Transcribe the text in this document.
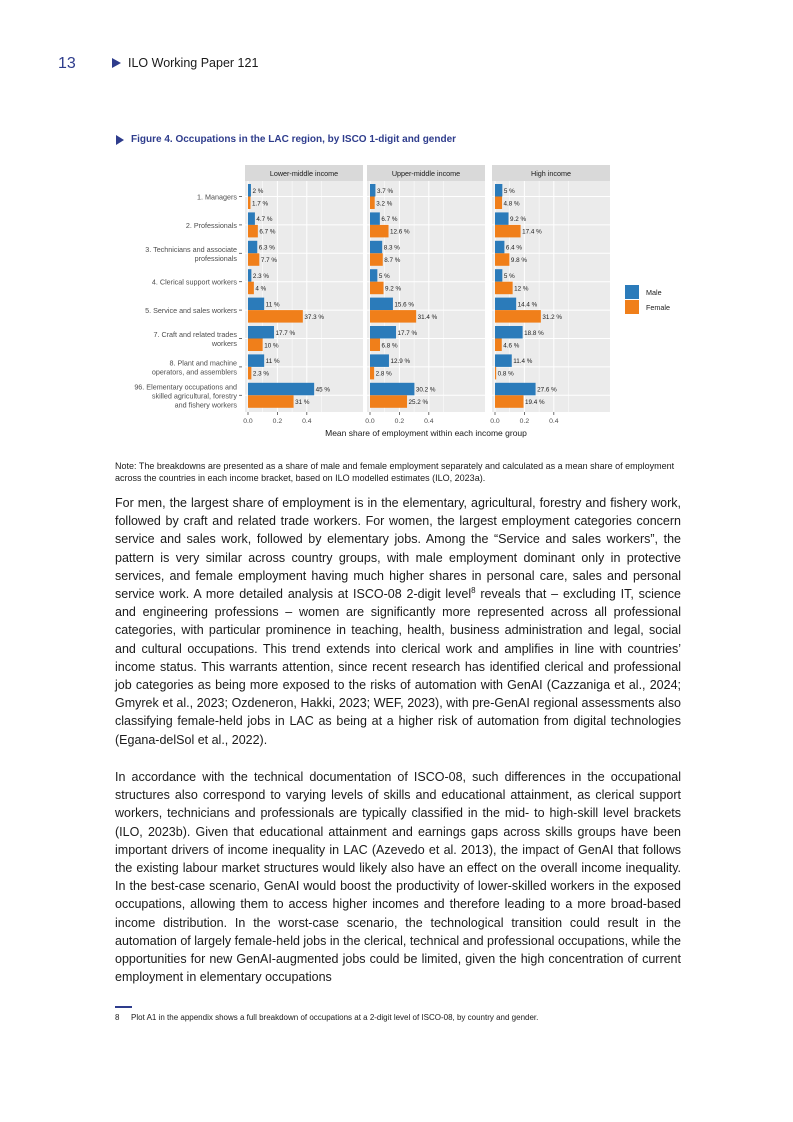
13	ILO Working Paper 121
Figure 4. Occupations in the LAC region, by ISCO 1-digit and gender
1. Managers
2. Professionals
3. Technicians and associate
professionals
4. Clerical support workers
5. Service and sales workers
7. Craft and related trades
workers
8. Plant and machine
operators, and assemblers
96. Elementary occupations and
skilled agricultural, forestry
and fishery workers
Lower-middle income
2 %
4.7 %
6.3 %
2.3 %
11 %
17.7 %
11 %
45 %
1.7 %
6.7 %
7.7 %
4 %
37.3 %
10 %
2.3 %
31 %
0.0	0.2	0.4
Upper-middle income
3.7 %
6.7 %
8.3 %
5 %
15.6 %
17.7 %
12.9 %
30.2 %
3.2 %
12.6 %
8.7 %
9.2 %
31.4 %
6.8 %
2.8 %
25.2 %
0.0	0.2	0.4
High income
5 %
9.2 %
6.4 %
5 %
14.4 %
18.8 %
11.4 %
27.6 %
4.8 %
17.4 %
9.8 %
12 %
31.2 %
4.6 %
0.8 %
19.4 %
0.0	0.2	0.4
Mean share of employment within each income group
Male
Female
Note: The breakdowns are presented as a share of male and female employment separately and calculated as a mean share of employment across the countries in each income bracket, based on ILO modelled estimates (ILO, 2023a).

For men, the largest share of employment is in the elementary, agricultural, forestry and fishery work, followed by craft and related trade workers. For women, the largest employment categories concern service and sales work, followed by elementary jobs. Among the “Service and sales workers”, the pattern is very similar across country groups, with male employment dominant only in protective services, and female employment having much higher shares in personal care, sales and personal service work. A more detailed analysis at ISCO-08 2-digit level$^8$ reveals that – excluding IT, science and engineering professions – women are significantly more represented across all professional categories, with particular prominence in teaching, health, business administration and legal, social and cultural occupations. This trend extends into clerical work and amplifies in line with countries’ income status. This warrants attention, since recent research has identified clerical and professional job categories as being more exposed to the risks of automation with GenAI (Cazzaniga et al., 2024; Gmyrek et al., 2023; Ozdeneron, Hakki, 2023; WEF, 2023), with pre-GenAI regional assessments also classifying female-held jobs in LAC as being at a higher risk of automation from digital technologies (Egana-delSol et al., 2022).

In accordance with the technical documentation of ISCO-08, such differences in the occupational structures also correspond to varying levels of skills and educational attainment, as clerical support workers, technicians and professionals are typically classified in the mid- to high-skill level brackets (ILO, 2023b). Given that educational attainment and earnings gaps across skills groups have been important drivers of income inequality in LAC (Azevedo et al. 2013), the impact of GenAI that follows the existing labour market structures would likely also have an effect on the overall income inequality. In the best-case scenario, GenAI would boost the productivity of lower-skilled workers in the exposed occupations, allowing them to access higher incomes and therefore leading to a more broad-based income distribution. In the worst-case scenario, the technological transition could result in the automation of largely female-held jobs in the clerical, technical and professional occupations, while the opportunities for new GenAI-augmented jobs could be limited, given the high concentration of current employment in elementary occupations

8 Plot A1 in the appendix shows a full breakdown of occupations at a 2-digit level of ISCO-08, by country and gender.
